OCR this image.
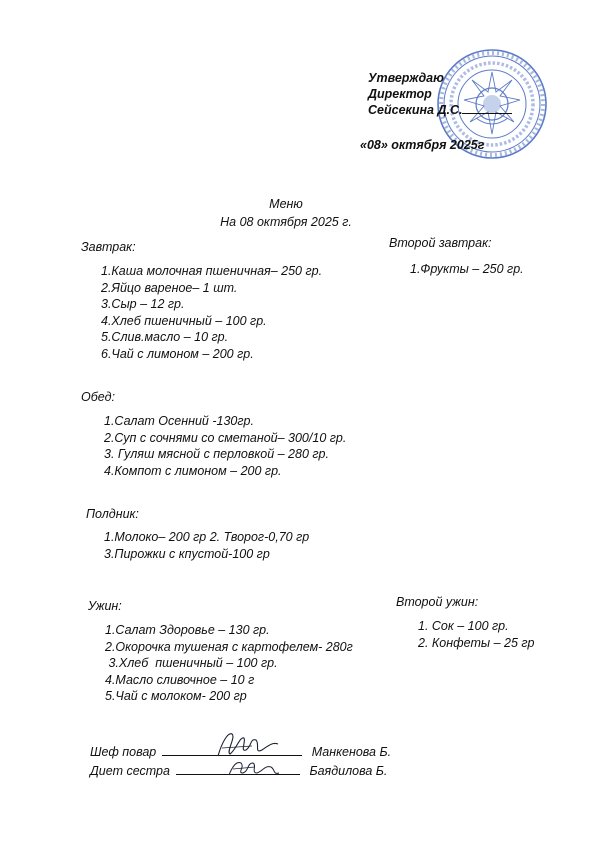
Утверждаю
Директор
Сейсекина Д.С.
«08» октября 2025г
Меню
На 08 октября 2025 г.
Завтрак:
1.Каша молочная пшеничная– 250 гр.
2.Яйцо вареное– 1 шт.
3.Сыр – 12 гр.
4.Хлеб пшеничный – 100 гр.
5.Слив.масло – 10 гр.
6.Чай с лимоном – 200 гр.
Второй завтрак:
1.Фрукты – 250 гр.
Обед:
1.Салат Осенний -130гр.
2.Суп с сочнями со сметаной– 300/10 гр.
3. Гуляш мясной с перловкой – 280 гр.
4.Компот с лимоном – 200 гр.
Полдник:
1.Молоко– 200 гр 2. Творог-0,70 гр
3.Пирожки с кпустой-100 гр
Ужин:
1.Салат Здоровье – 130 гр.
2.Окорочка тушеная с картофелем- 280г
3.Хлеб  пшеничный – 100 гр.
4.Масло сливочное – 10 г
5.Чай с молоком- 200 гр
Второй ужин:
1. Сок – 100 гр.
2. Конфеты – 25 гр
Шеф повар	Манкенова Б.
Диет сестра	Баядилова Б.
